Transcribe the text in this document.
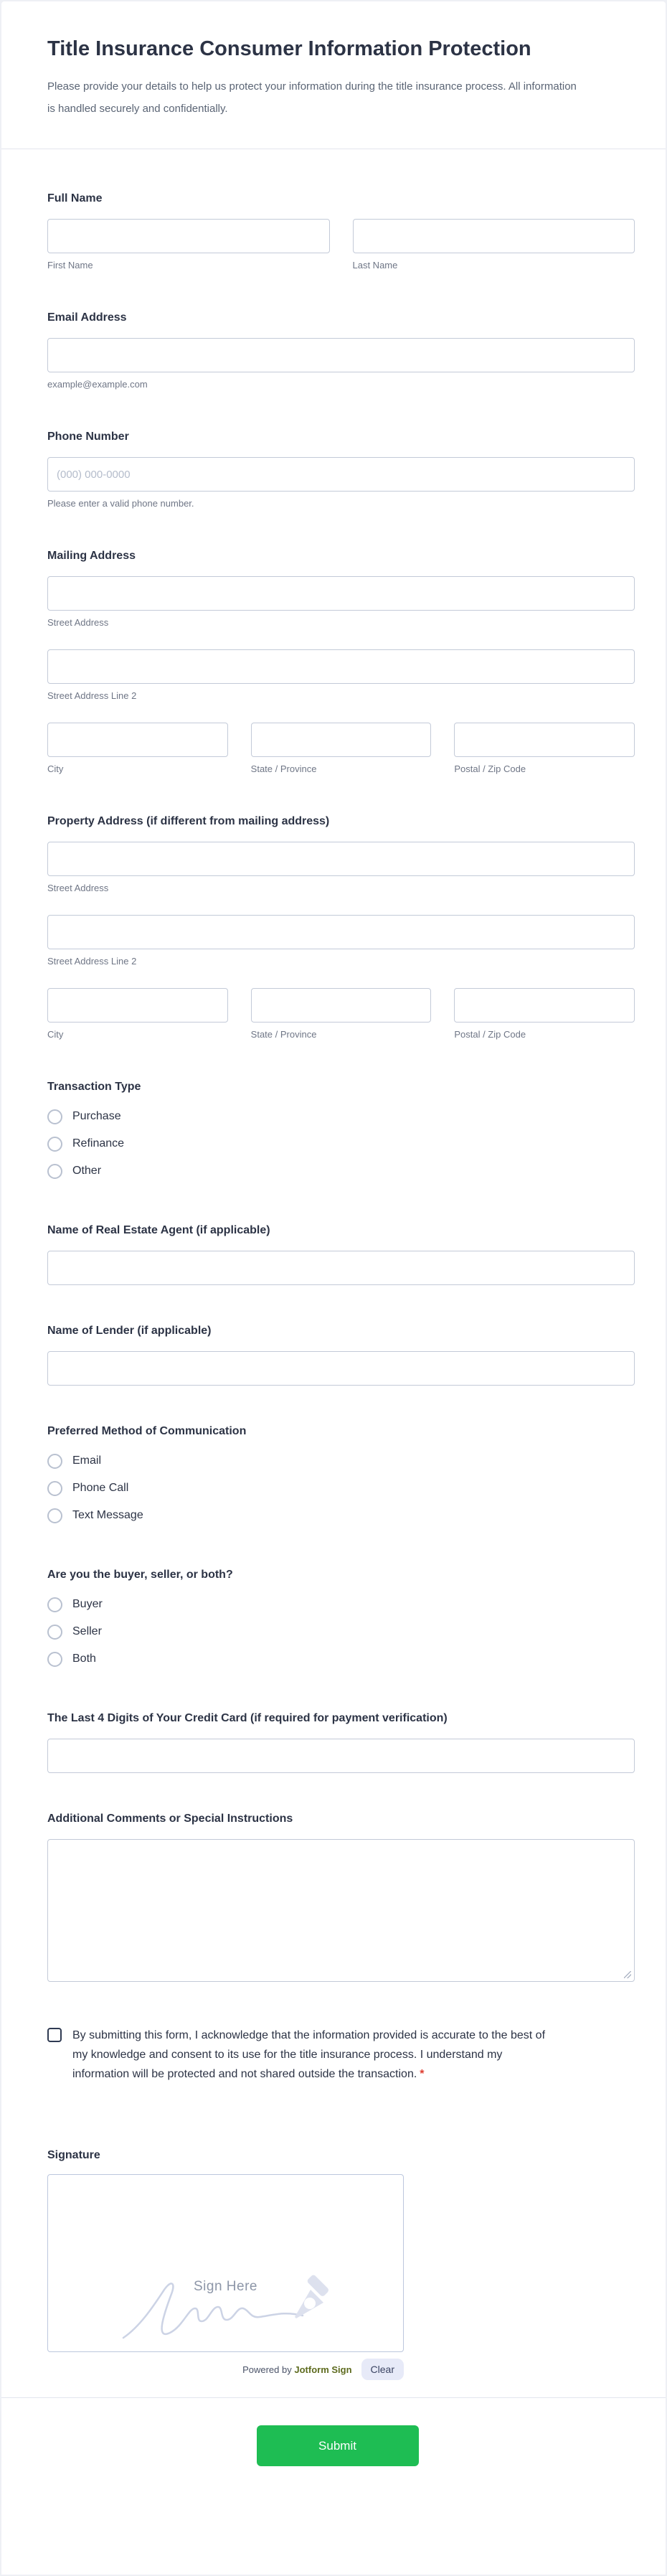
Title Insurance Consumer Information Protection

Please provide your details to help us protect your information during the title insurance process. All information is handled securely and confidentially.

Full Name
First Name	Last Name
Email Address
example@example.com
Phone Number
(000) 000-0000
Please enter a valid phone number.
Mailing Address
Street Address
Street Address Line 2
City	State / Province	Postal / Zip Code
Property Address (if different from mailing address)
Street Address
Street Address Line 2
City	State / Province	Postal / Zip Code
Transaction Type
Purchase
Refinance
Other
Name of Real Estate Agent (if applicable)
Name of Lender (if applicable)
Preferred Method of Communication
Email
Phone Call
Text Message
Are you the buyer, seller, or both?
Buyer
Seller
Both
The Last 4 Digits of Your Credit Card (if required for payment verification)
Additional Comments or Special Instructions
By submitting this form, I acknowledge that the information provided is accurate to the best of my knowledge and consent to its use for the title insurance process. I understand my information will be protected and not shared outside the transaction. *
Signature
Sign Here
Powered by Jotform Sign	Clear
Submit
